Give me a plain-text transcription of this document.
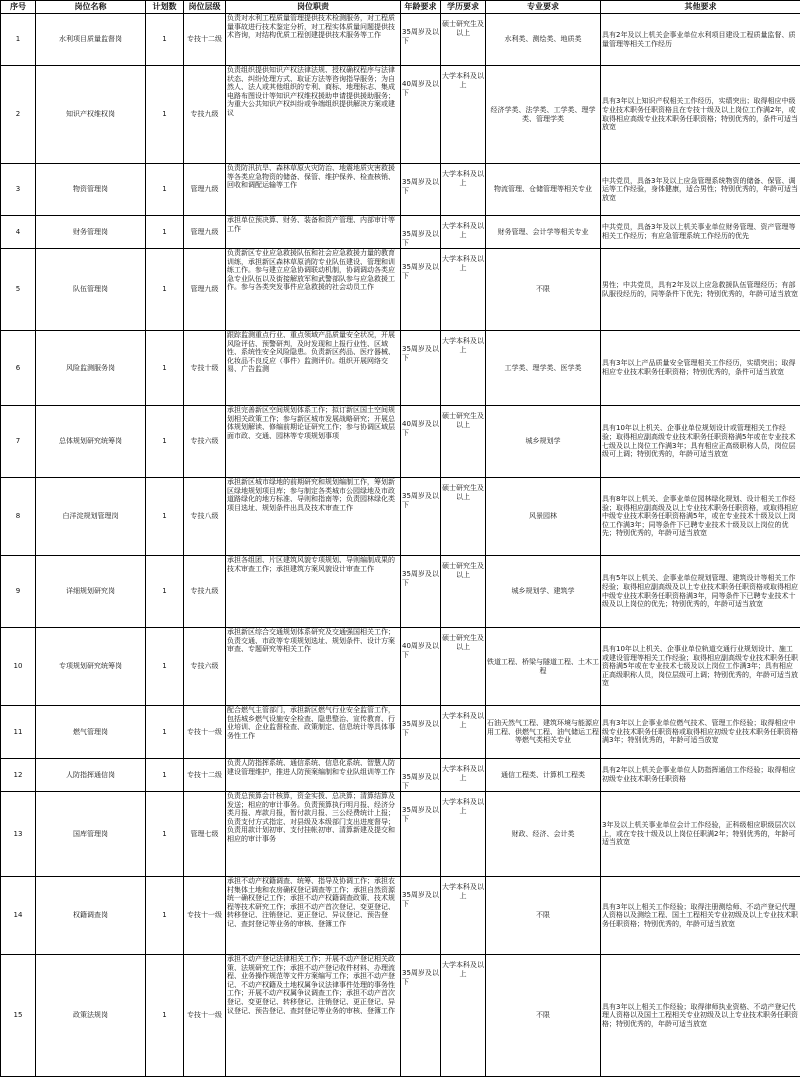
序号	岗位名称	计划数	岗位层级	岗位职责	年龄要求	学历要求	专业要求	其他要求
1	水利项目质量监督岗	1	专技十二级	负责对水利工程质量管理提供技术检测服务，对工程质量事故进行技术鉴定分析，对工程实体质量问题提供技术咨询，对结构优质工程创建提供技术服务等工作	35周岁及以下	硕士研究生及以上	水利类、测绘类、地质类	具有2年及以上机关企事业单位水利项目建设工程质量监督、质量管理等相关工作经历
2	知识产权维权岗	1	专技九级	负责组织提供知识产权法律法规、授权确权程序与法律状态、纠纷处理方式、取证方法等咨询指导服务；为自然人、法人或其他组织的专利、商标、地理标志、集成电路布图设计等知识产权维权援助申请提供援助服务；为重大公共知识产权纠纷或争端组织提供解决方案或建议	40周岁及以下	大学本科及以上	经济学类、法学类、工学类、理学类、管理学类	具有3年以上知识产权相关工作经历，实绩突出；取得相应中级专业技术职务任职资格且在专技十级及以上岗位工作满2年，或取得相应高级专业技术职务任职资格；特别优秀的，条件可适当放宽
3	物资管理岗	1	管理九级	负责防汛抗旱、森林草原火灾防治、地震地质灾害救援等各类应急物资的储备、保管、维护保养、检查核销、回收和调配运输等工作	35周岁及以下	大学本科及以上	物流管理、仓储管理等相关专业	中共党员，具备3年及以上应急管理系统物资的储备、保管、调运等工作经验，身体健康，适合男性；特别优秀的，年龄可适当放宽
4	财务管理岗	1	管理九级	承担单位预决算、财务、装备和资产管理、内部审计等工作	35周岁及以下	大学本科及以上	财务管理、会计学等相关专业	中共党员，具备3年及以上机关事业单位财务管理、资产管理等相关工作经历；有应急管理系统工作经历的优先
5	队伍管理岗	1	管理九级	负责新区专业应急救援队伍和社会应急救援力量的教育训练，承担新区森林草原消防专业队伍建设、管理和训练工作。参与建立应急协调联动机制，协调调动各类应急专业队伍以及街接解放军和武警部队参与应急救援工作。参与各类突发事件应急救援的社会动员工作	35周岁及以下	大学本科及以上	不限	男性；中共党员，具有2年及以上应急救援队伍管理经历；有部队服役经历的，同等条件下优先；特别优秀的，年龄可适当放宽
6	风险监测服务岗	1	专技十级	跟踪监测重点行业、重点领域产品质量安全状况，开展风险评估、预警研判，及时发现和上报行业性、区域性、系统性安全风险隐患。负责新区药品、医疗器械、化妆品不良反应（事件）监测评价。组织开展网络交易、广告监测	35周岁及以下	大学本科及以上	工学类、理学类、医学类	具有3年以上产品质量安全管理相关工作经历，实绩突出；取得相应专业技术职务任职资格；特别优秀的，条件可适当放宽
7	总体规划研究统筹岗	1	专技六级	承担完善新区空间规划体系工作；拟订新区国土空间规划相关政策工作；参与新区城市发展战略研究；开展总体规划解读、修编前期论证研究工作；参与协调区域层面市政、交通、园林等专项规划事项	40周岁及以下	硕士研究生及以上	城乡规划学	具有10年以上机关、企事业单位规划设计或管理相关工作经验；取得相应副高级专业技术职务任职资格满5年或在专业技术七级及以上岗位工作满3年；具有相应正高级职称人员，岗位层级可上调；特别优秀的，年龄可适当放宽
8	白洋淀规划管理岗	1	专技八级	承担新区城市绿地的前期研究和规划编制工作，筹划新区绿地规划项目库；参与制定各类城市公园绿地及市政道路绿化的地方标准、导则和指南等；负责园林绿化类项目选址、规划条件出具及技术审查工作	35周岁及以下	硕士研究生及以上	风景园林	具有8年以上机关、企事业单位园林绿化规划、设计相关工作经验；取得相应副高级及以上专业技术职务任职资格，或取得相应中级专业技术职务任职资格满5年，或在专业技术十级及以上岗位工作满3年；同等条件下已聘专业技术十级及以上岗位的优先；特别优秀的，年龄可适当放宽
9	详细规划研究岗	1	专技九级	承担各组团、片区建筑风貌专项规划、导则编制成果的技术审查工作；承担建筑方案风貌设计审查工作	35周岁及以下	硕士研究生及以上	城乡规划学、建筑学	具有5年以上机关、企事业单位规划管理、建筑设计等相关工作经验；取得相应副高级及以上专业技术职务任职资格或取得相应中级专业技术职务任职资格满3年，同等条件下已聘专业技术十级及以上岗位的优先；特别优秀的，年龄可适当放宽
10	专项规划研究统筹岗	1	专技六级	承担新区综合交通规划体系研究及交通强国相关工作；负责交通、市政等专项规划选址、规划条件、设计方案审查、专题研究等相关工作	40周岁及以下	硕士研究生及以上	铁道工程、桥梁与隧道工程、土木工程	具有10年以上机关、企事业单位轨道交通行业规划设计、施工或建设管理等相关工作经验；取得相应副高级专业技术职务任职资格满5年或在专业技术七级及以上岗位工作满3年；具有相应正高级职称人员，岗位层级可上调；特别优秀的，年龄可适当放宽
11	燃气管理岗	1	专技十一级	配合燃气主管部门，承担新区燃气行业安全监管工作，包括城乡燃气设施安全检查、隐患整治、宣传教育、行业培训、企业监督检查、政策制定、信息统计等具体事务性工作	35周岁及以下	大学本科及以上	石油天然气工程、建筑环境与能源应用工程、供燃气工程、油气储运工程等燃气类相关专业	具有3年以上企事业单位燃气技术、管理工作经验；取得相应中级专业技术职务任职资格或取得相应初级专业技术职务任职资格满3年；特别优秀的，年龄可适当放宽
12	人防指挥通信岗	1	专技十二级	负责人防指挥系统、通信系统、信息化系统、智慧人防建设管理维护，推进人防预案编制和专业队组训等工作	35周岁及以下	大学本科及以上	通信工程类、计算机工程类	具有2年以上机关企事业单位人防指挥通信工作经验；取得相应初级专业技术职务任职资格
13	国库管理岗	1	管理七级	负责总预算会计核算，资金实拨、总决算；清算结算及发送；相应的审计事务。负责预算执行明月报、经济分类月报、库款月报，暂付款月报、三公经费统计上报；负责支付方式指定、对县级及本级部门支出进度督导；负责用款计划初审、支付挂帐初审、清算新建及提交和相应的审计事务	35周岁及以下	大学本科及以上	财政、经济、会计类	3年及以上机关事业单位会计工作经验，正科级相应职级层次以上，或在专技十级及以上岗位任职满2年；特别优秀的，年龄可适当放宽
14	权籍调查岗	1	专技十一级	承担不动产权籍调查、统筹、指导及协调工作；承担农村集体土地和农房确权登记调查等工作；承担自然资源统一确权登记工作；承担不动产权籍调查政策、技术规程等技术研究工作；承担不动产首次登记、变更登记、转移登记、注销登记、更正登记、异议登记、预告登记、查封登记等业务的审核、登簿工作	35周岁及以下	大学本科及以上	不限	具有3年以上相关工作经验；取得注册测绘师、不动产登记代理人资格以及测绘工程、国土工程相关专业初级及以上专业技术职务任职资格；特别优秀的，年龄可适当放宽
15	政策法规岗	1	专技十一级	承担不动产登记法律相关工作；开展不动产登记相关政策、法规研究工作；承担不动产登记收件材料、办理流程、业务操作规范等文件方案编写工作；承担不动产登记、不动产权籍及土地权属争议法律事件处理的事务性工作；开展不动产权属争议调查工作；承担不动产首次登记、变更登记、转移登记、注销登记、更正登记、异议登记、预告登记、查封登记等业务的审核、登簿工作	35周岁及以下	大学本科及以上	不限	具有3年以上相关工作经验；取得律师执业资格、不动产登记代理人资格以及国土工程相关专业初级及以上专业技术职务任职资格；特别优秀的，年龄可适当放宽
